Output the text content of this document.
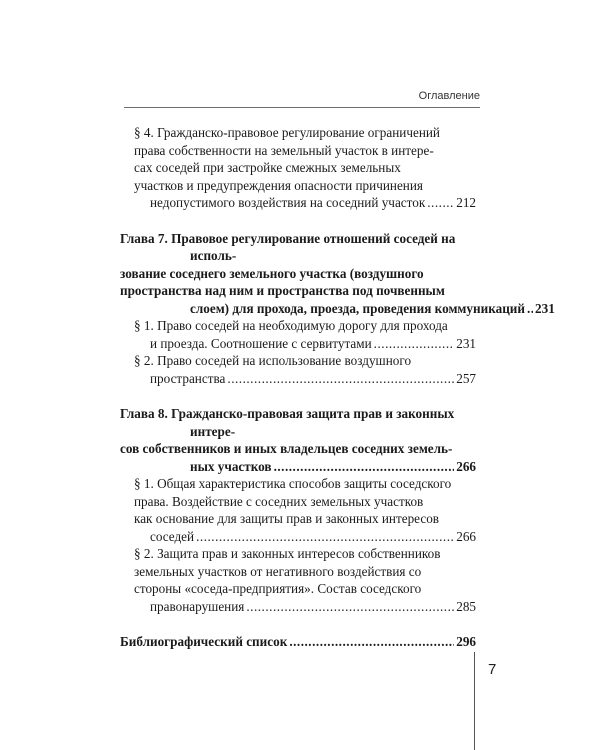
Оглавление
§ 4. Гражданско-правовое регулирование ограничений
права собственности на земельный участок в интере-
сах соседей при застройке смежных земельных
участков и предупреждения опасности причинения
недопустимого воздействия на соседний участок ..... 212
Глава 7. Правовое регулирование отношений соседей на исполь-
зование соседнего земельного участка (воздушного
пространства над ним и пространства под почвенным
слоем) для прохода, проезда, проведения коммуникаций ..... 231
§ 1. Право соседей на необходимую дорогу для прохода
и проезда. Соотношение с сервитутами .....	231
§ 2. Право соседей на использование воздушного
пространства .....	257
Глава 8. Гражданско-правовая защита прав и законных интере-
сов собственников и иных владельцев соседних земель-
ных участков .....	266
§ 1. Общая характеристика способов защиты соседского
права. Воздействие с соседних земельных участков
как основание для защиты прав и законных интересов
соседей .....	266
§ 2. Защита прав и законных интересов собственников
земельных участков от негативного воздействия со
стороны «соседа-предприятия». Состав соседского
правонарушения .....	285
Библиографический список .....	296
7
